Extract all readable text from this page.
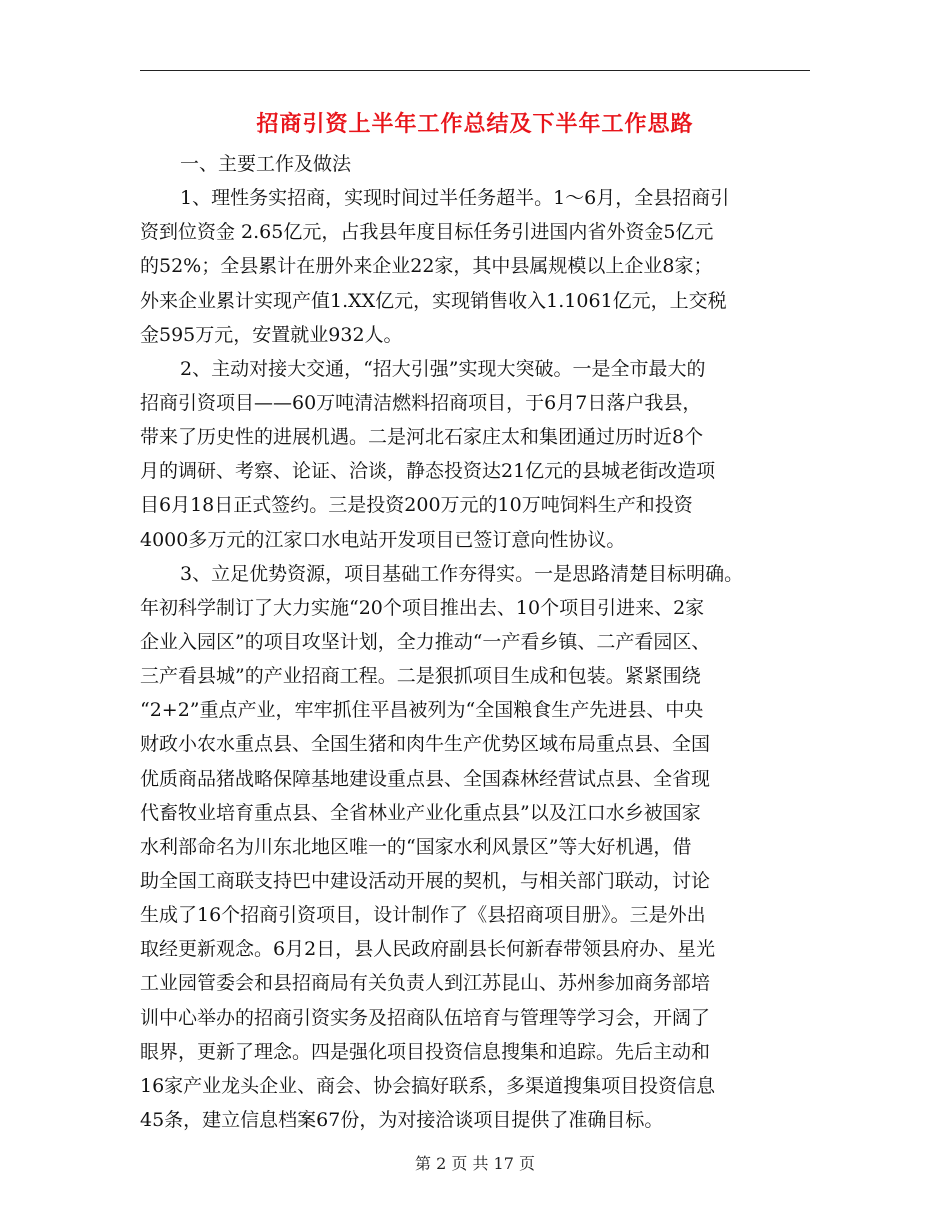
招商引资上半年工作总结及下半年工作思路
一、主要工作及做法
1、理性务实招商，实现时间过半任务超半。1～6月，全县招商引
资到位资金 2.65亿元，占我县年度目标任务引进国内省外资金5亿元
的52%；全县累计在册外来企业22家，其中县属规模以上企业8家；
外来企业累计实现产值1.XX亿元，实现销售收入1.1061亿元，上交税
金595万元，安置就业932人。
2、主动对接大交通，“招大引强”实现大突破。一是全市最大的
招商引资项目——60万吨清洁燃料招商项目，于6月7日落户我县，
带来了历史性的进展机遇。二是河北石家庄太和集团通过历时近8个
月的调研、考察、论证、洽谈，静态投资达21亿元的县城老街改造项
目6月18日正式签约。三是投资200万元的10万吨饲料生产和投资
4000多万元的江家口水电站开发项目已签订意向性协议。
3、立足优势资源，项目基础工作夯得实。一是思路清楚目标明确。
年初科学制订了大力实施“20个项目推出去、10个项目引进来、2家
企业入园区”的项目攻坚计划，全力推动“一产看乡镇、二产看园区、
三产看县城”的产业招商工程。二是狠抓项目生成和包装。紧紧围绕
“2+2”重点产业，牢牢抓住平昌被列为“全国粮食生产先进县、中央
财政小农水重点县、全国生猪和肉牛生产优势区域布局重点县、全国
优质商品猪战略保障基地建设重点县、全国森林经营试点县、全省现
代畜牧业培育重点县、全省林业产业化重点县”以及江口水乡被国家
水利部命名为川东北地区唯一的“国家水利风景区”等大好机遇，借
助全国工商联支持巴中建设活动开展的契机，与相关部门联动，讨论
生成了16个招商引资项目，设计制作了《县招商项目册》。三是外出
取经更新观念。6月2日，县人民政府副县长何新春带领县府办、星光
工业园管委会和县招商局有关负责人到江苏昆山、苏州参加商务部培
训中心举办的招商引资实务及招商队伍培育与管理等学习会，开阔了
眼界，更新了理念。四是强化项目投资信息搜集和追踪。先后主动和
16家产业龙头企业、商会、协会搞好联系，多渠道搜集项目投资信息
45条，建立信息档案67份，为对接洽谈项目提供了准确目标。
第 2 页 共 17 页
